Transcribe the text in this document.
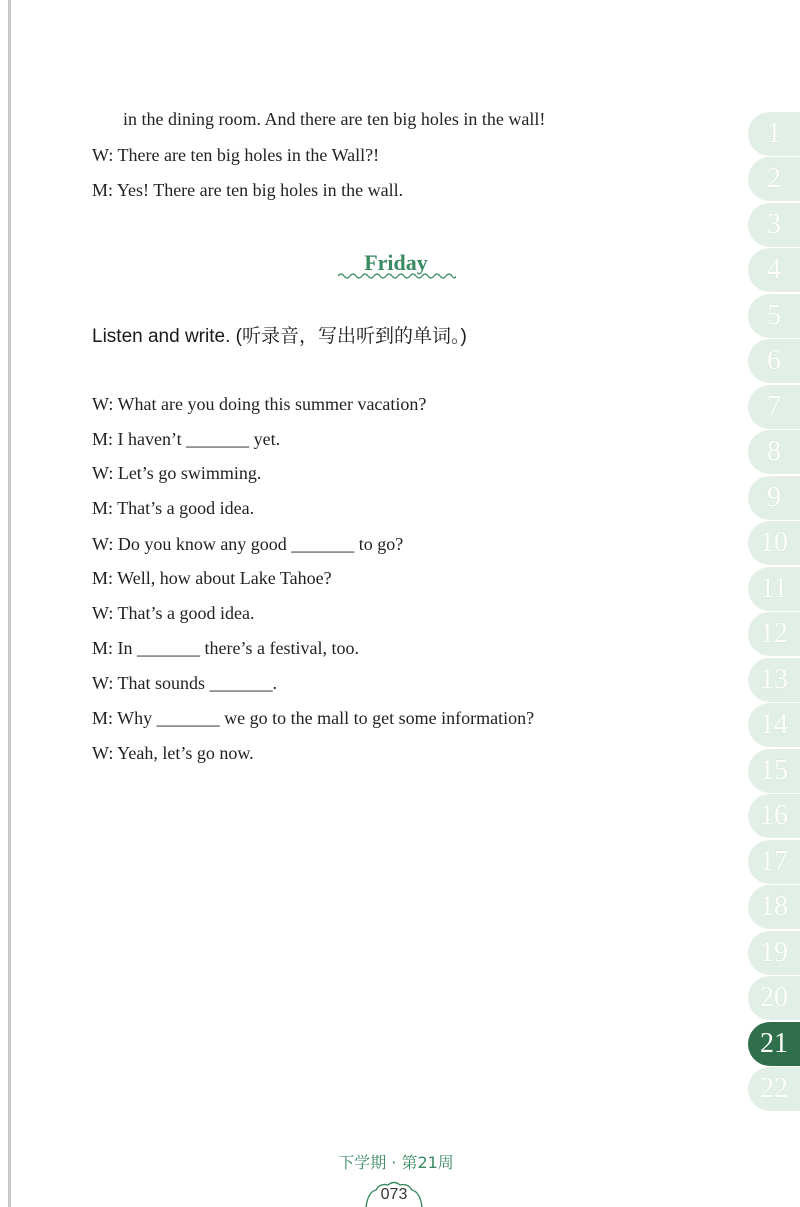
in the dining room. And there are ten big holes in the wall!
W: There are ten big holes in the Wall?!
M: Yes! There are ten big holes in the wall.
Friday
Listen and write. (听录音，写出听到的单词。)
W: What are you doing this summer vacation?
M: I haven’t _______ yet.
W: Let’s go swimming.
M: That’s a good idea.
W: Do you know any good _______ to go?
M: Well, how about Lake Tahoe?
W: That’s a good idea.
M: In _______ there’s a festival, too.
W: That sounds _______.
M: Why _______ we go to the mall to get some information?
W: Yeah, let’s go now.
1
2
3
4
5
6
7
8
9
10
11
12
13
14
15
16
17
18
19
20
21
22
下学期 · 第21周
073
